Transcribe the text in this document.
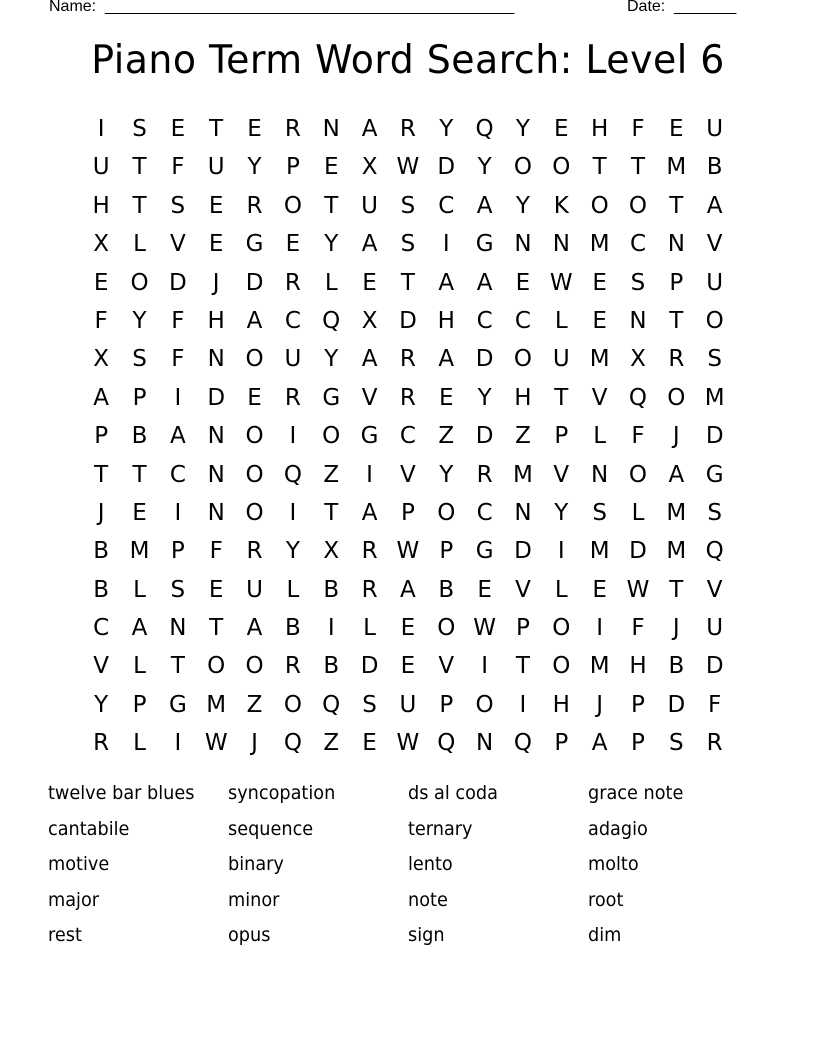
Name: ______________________________________________	Date: _______
Piano Term Word Search: Level 6
I	S	E	T	E	R N A R	Y Q Y	E H	F	E U
U T	F	U Y	P	E	X W D Y O O T	T M B
H T	S	E	R O T U S	C A	Y	K O O T	A
X	L	V	E G E	Y	A	S	I	G N N M C N V
E O D	J	D R	L	E	T	A A	E W E	S	P U
F	Y	F	H A C Q X D H C C	L	E N T O
X	S	F	N O U Y	A R A D O U M X R	S
A	P	I	D E	R G V R	E	Y H T	V Q O M
P	B A N O	I	O G C Z D Z	P	L	F	J	D
T	T	C N O Q Z	I	V	Y	R M V N O A G
J	E	I	N O	I	T	A	P O C N Y	S	L M S
B M P	F	R	Y	X R W P G D	I	M D M Q
B	L	S	E U	L	B R A B	E	V	L	E W T	V
C A N T	A B	I	L	E O W P O	I	F	J	U
V	L	T O O R B D E	V	I	T O M H B D
Y	P G M Z O Q S U P O	I	H	J	P D F
R	L	I	W	J	Q Z	E W Q N Q P	A	P	S	R
twelve bar blues	syncopation	ds al coda	grace note
cantabile	sequence	ternary	adagio
motive	binary	lento	molto
major	minor	note	root
rest	opus	sign	dim
